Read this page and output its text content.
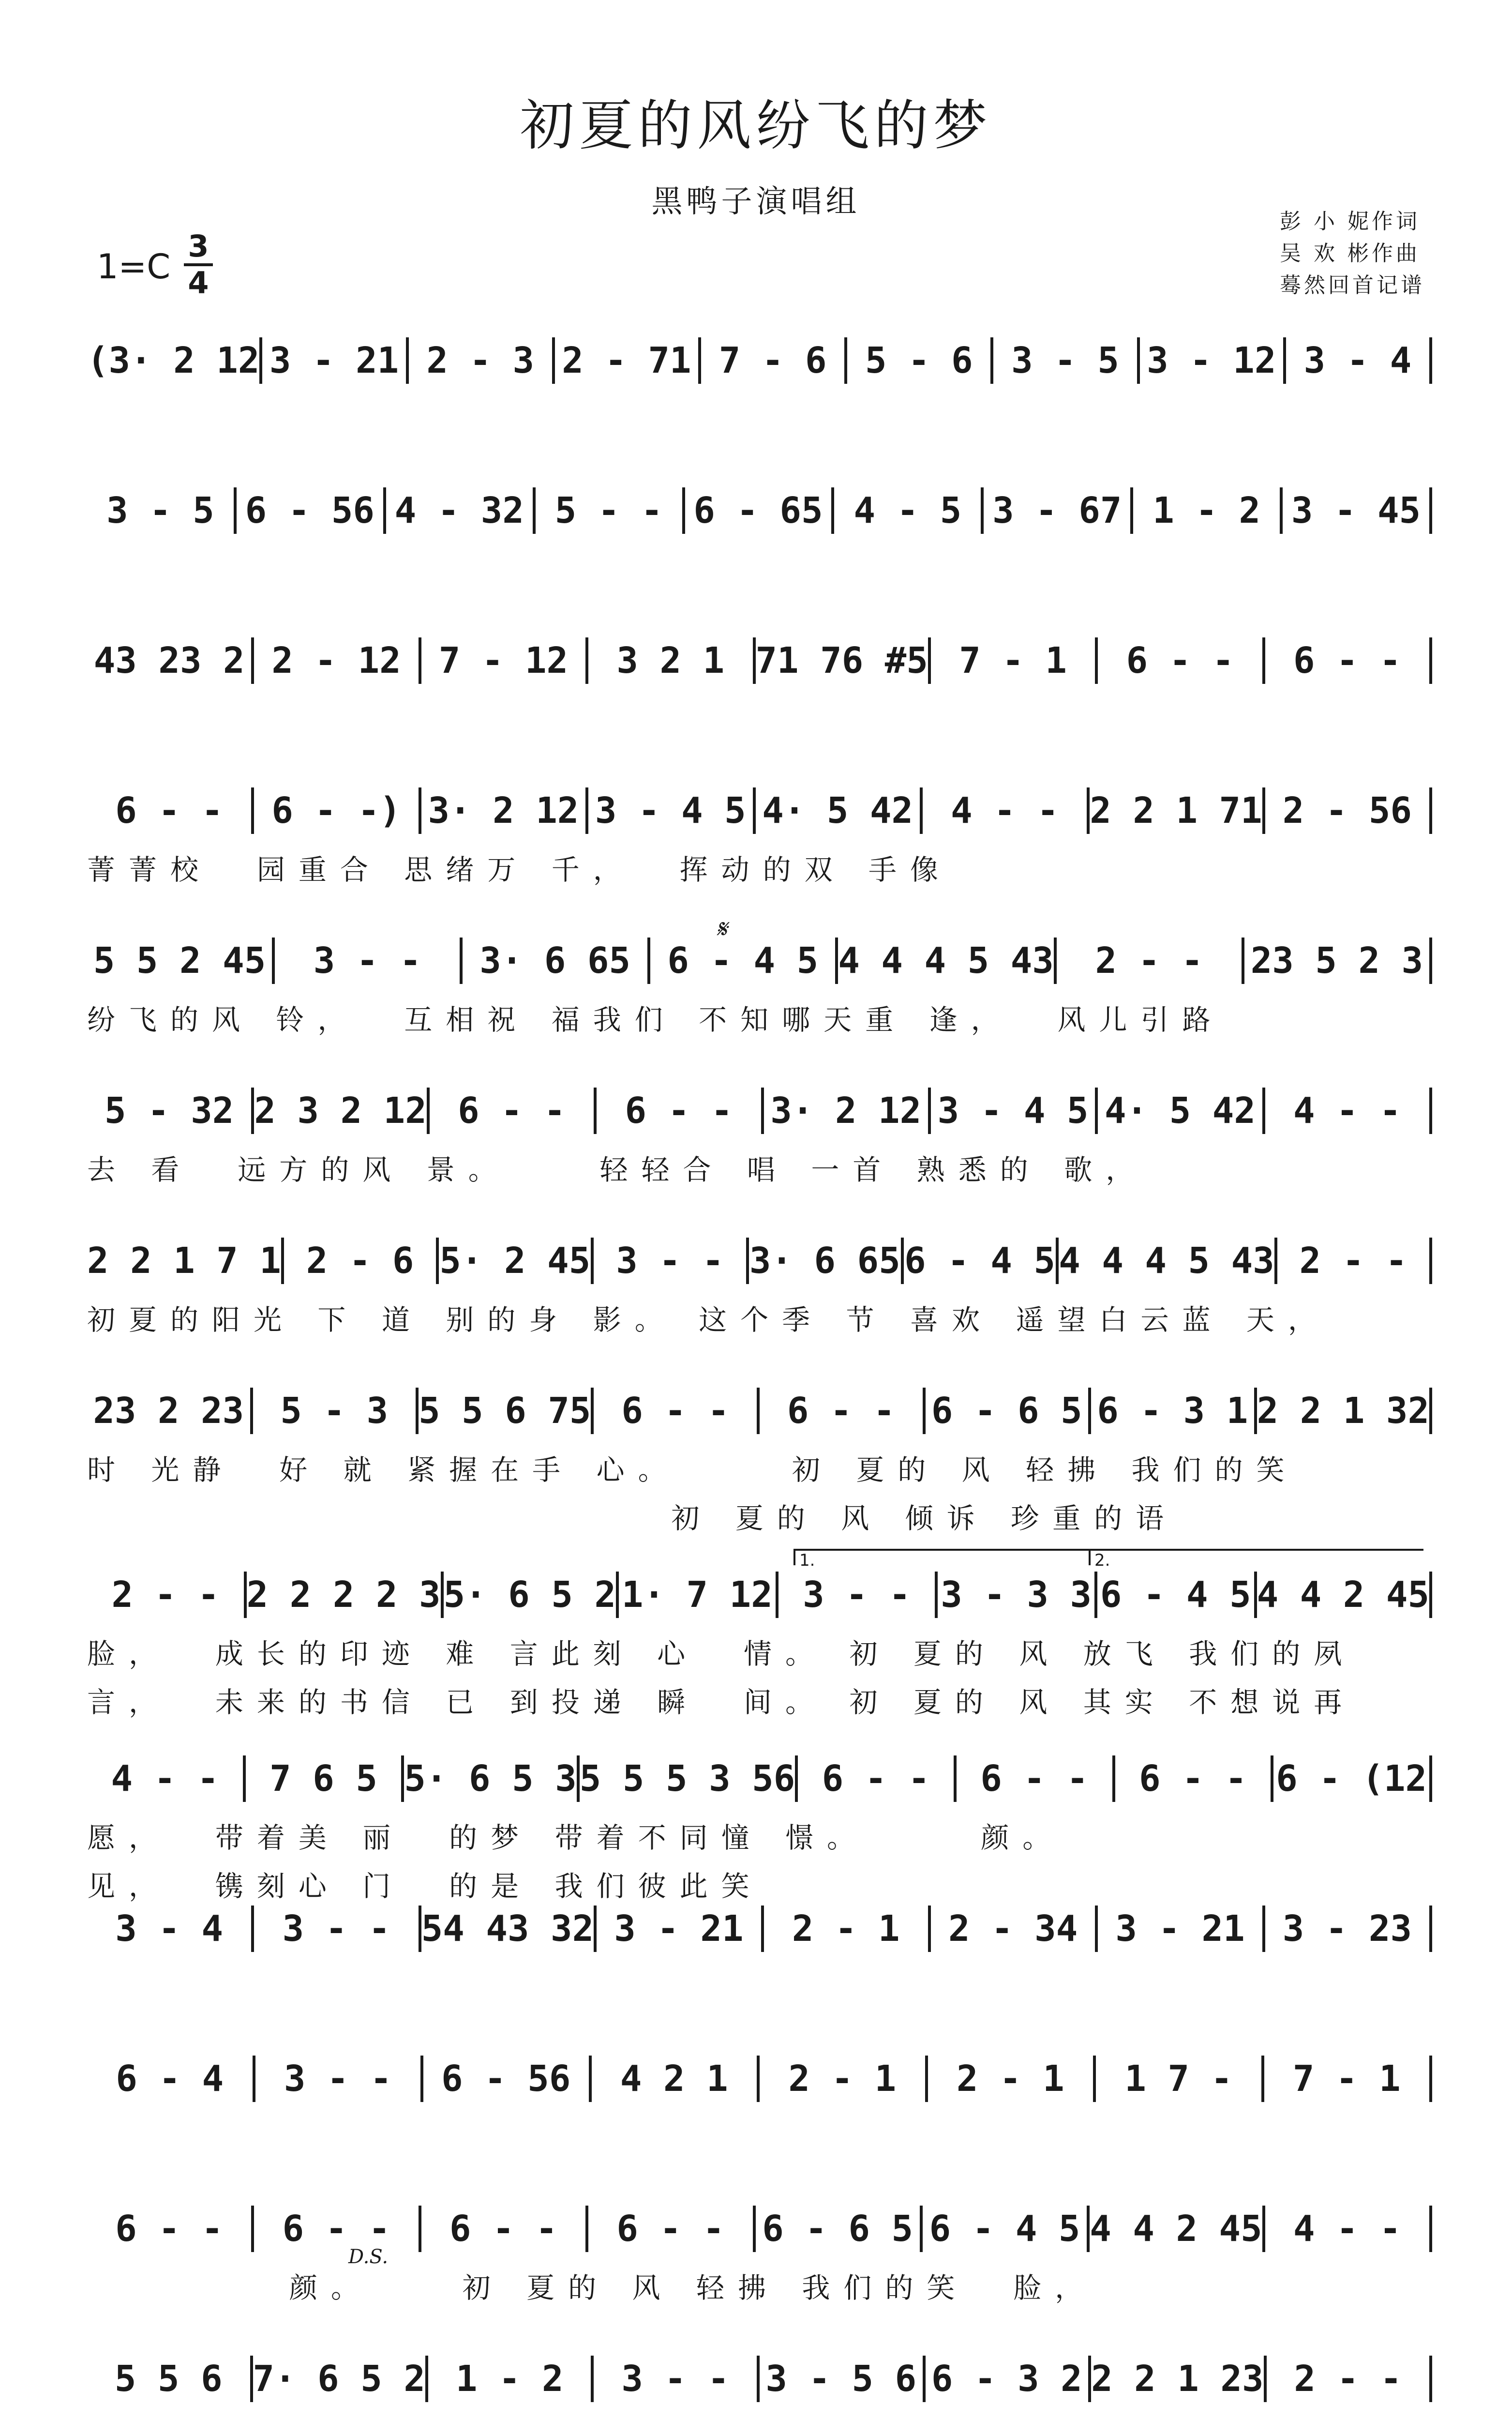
初夏的风纷飞的梦
黑鸭子演唱组
彭 小 妮作词
吴 欢 彬作曲
蓦然回首记谱
$1=C \frac{3}{4}$
(3· 2 12 3 - 21 2 - 3 2 - 71 7 - 6	5 - 6	3 - 5 3 - 12 3 - 4
3 - 5 6 - 56 4 - 32 5 - - 6 - 65 4 - 5 3 - 67 1 - 2 3 - 45
43 23 2 2 - 12	7 - 12	3 2 1 71 76 #5 7 - 1	6 - -	6 - -
6 - -	6 - -) 3· 2 12 3 - 4 5 4· 5 42	4 - - 2 2 1 71 2 - 56
菁菁校  园重合 思绪万 千，  挥动的双 手像
5 5 2 45	3 - -	3· 6 65	6 - 4 5 4 4 4 5 43	2 - -	23 5 2 3
纷飞的风 铃，  互相祝 福我们 不知哪天重 逢，  风儿引路
5 - 32 2 3 2 12 6 - -	6 - -	3· 2 12 3 - 4 5 4· 5 42	4 - -
去 看  远方的风 景。    轻轻合 唱 一首 熟悉的 歌，
2 2 1 7 1 2 - 6 5· 2 45 3 - - 3· 6 65 6 - 4 5 4 4 4 5 43 2 - -
初夏的阳光 下 道 别的身 影。 这个季 节 喜欢 遥望白云蓝 天，
23 2 23	5 - 3 5 5 6 75 6 - -	6 - -	6 - 6 5 6 - 3 1 2 2 1 32
时 光静  好 就 紧握在手 心。     初 夏的 风 轻拂 我们的笑
初 夏的 风 倾诉 珍重的语
2 - - 2 2 2 2 3 5· 6 5 2 1· 7 12 3 - - 3 - 3 3 6 - 4 5 4 4 2 45
脸，  成长的印迹 难 言此刻 心  情。 初 夏的 风 放飞 我们的夙
言，  未来的书信 已 到投递 瞬  间。 初 夏的 风 其实 不想说再
4 - -	7 6 5 5· 6 5 3 5 5 5 3 56 6 - -	6 - -	6 - - 6 - (12
愿，  带着美 丽  的梦 带着不同憧 憬。     颜。
见，  镌刻心 门  的是 我们彼此笑
3 - 4	3 - - 54 43 32 3 - 21	2 - 1	2 - 34	3 - 21	3 - 23
6 - 4	3 - -	6 - 56	4 2 1	2 - 1	2 - 1	1 7 -	7 - 1
6 - -	6 - -	6 - -	6 - -	6 - 6 5 6 - 4 5 4 4 2 45 4 - -
颜。    初 夏的 风 轻拂 我们的笑  脸，
5 5 6 7· 6 5 2 1 - 2	3 - -	3 - 5 6 6 - 3 2 2 2 1 23 2 - -
𝄋
D.S.
1.	2.
